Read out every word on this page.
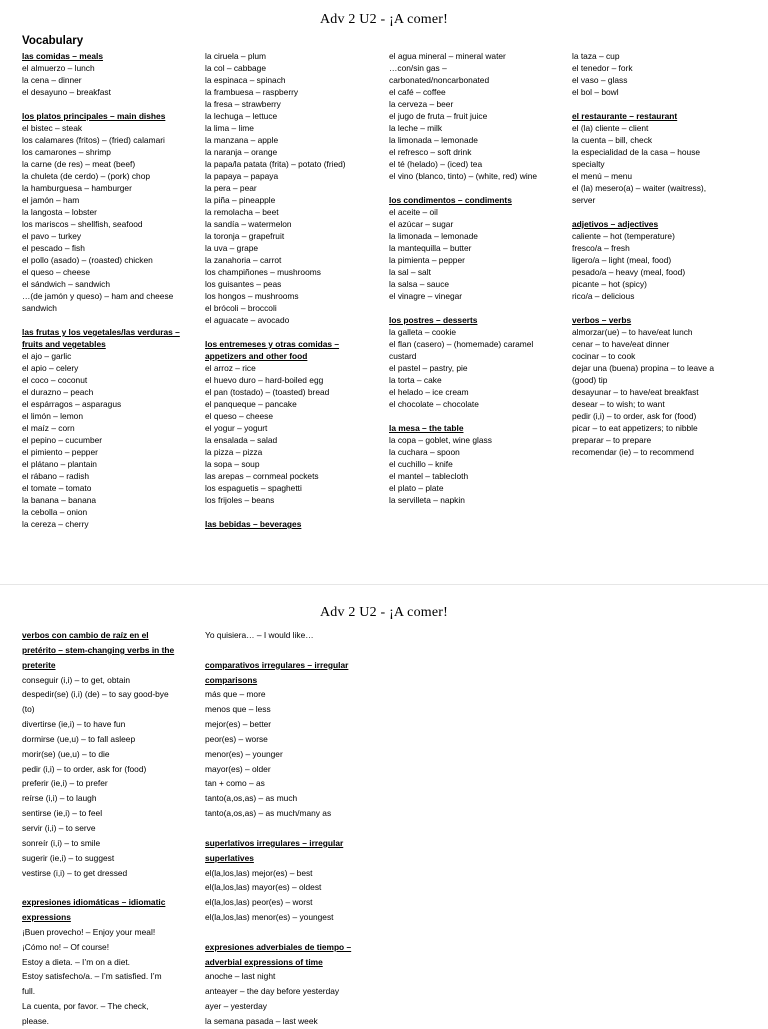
Adv 2 U2 - ¡A comer!
Vocabulary
las comidas – meals
el almuerzo – lunch
la cena – dinner
el desayuno – breakfast
los platos principales – main dishes
el bistec – steak
los calamares (fritos) – (fried) calamari
los camarones – shrimp
la carne (de res) – meat (beef)
la chuleta (de cerdo) – (pork) chop
la hamburguesa – hamburger
el jamón – ham
la langosta – lobster
los mariscos – shellfish, seafood
el pavo – turkey
el pescado – fish
el pollo (asado) – (roasted) chicken
el queso – cheese
el sándwich – sandwich
…(de jamón y queso) – ham and cheese
sandwich
las frutas y los vegetales/las verduras –
fruits and vegetables
el ajo – garlic
el apio – celery
el coco – coconut
el durazno – peach
el espárragos – asparagus
el limón – lemon
el maíz – corn
el pepino – cucumber
el pimiento – pepper
el plátano – plantain
el rábano – radish
el tomate – tomato
la banana – banana
la cebolla – onion
la cereza – cherry
la ciruela – plum
la col – cabbage
la espinaca – spinach
la frambuesa – raspberry
la fresa – strawberry
la lechuga – lettuce
la lima – lime
la manzana – apple
la naranja – orange
la papa/la patata (frita) – potato (fried)
la papaya – papaya
la pera – pear
la piña – pineapple
la remolacha – beet
la sandía – watermelon
la toronja – grapefruit
la uva – grape
la zanahoria – carrot
los champiñones – mushrooms
los guisantes – peas
los hongos – mushrooms
el brócoli – broccoli
el aguacate – avocado
los entremeses y otras comidas –
appetizers and other food
el arroz – rice
el huevo duro – hard-boiled egg
el pan (tostado) – (toasted) bread
el panqueque – pancake
el queso – cheese
el yogur – yogurt
la ensalada – salad
la pizza – pizza
la sopa – soup
las arepas – cornmeal pockets
los espaguetis – spaghetti
los frijoles – beans
las bebidas – beverages
el agua mineral – mineral water
…con/sin gas –
carbonated/noncarbonated
el café – coffee
la cerveza – beer
el jugo de fruta – fruit juice
la leche – milk
la limonada – lemonade
el refresco – soft drink
el té (helado) – (iced) tea
el vino (blanco, tinto) – (white, red) wine
los condimentos – condiments
el aceite – oil
el azúcar – sugar
la limonada – lemonade
la mantequilla – butter
la pimienta – pepper
la sal – salt
la salsa – sauce
el vinagre – vinegar
los postres – desserts
la galleta – cookie
el flan (casero) – (homemade) caramel
custard
el pastel – pastry, pie
la torta – cake
el helado – ice cream
el chocolate – chocolate
la mesa – the table
la copa – goblet, wine glass
la cuchara – spoon
el cuchillo – knife
el mantel – tablecloth
el plato – plate
la servilleta – napkin
la taza – cup
el tenedor – fork
el vaso – glass
el bol – bowl
el restaurante – restaurant
el (la) cliente – client
la cuenta – bill, check
la especialidad de la casa – house
specialty
el menú – menu
el (la) mesero(a) – waiter (waitress),
server
adjetivos – adjectives
caliente – hot (temperature)
fresco/a – fresh
ligero/a – light (meal, food)
pesado/a – heavy (meal, food)
picante – hot (spicy)
rico/a – delicious
verbos – verbs
almorzar(ue) – to have/eat lunch
cenar – to have/eat dinner
cocinar – to cook
dejar una (buena) propina – to leave a
(good) tip
desayunar – to have/eat breakfast
desear – to wish; to want
pedir (i,i) – to order, ask for (food)
picar – to eat appetizers; to nibble
preparar – to prepare
recomendar (ie) – to recommend
Adv 2 U2 - ¡A comer!
verbos con cambio de raíz en el
pretérito – stem-changing verbs in the
preterite
conseguir (i,i) – to get, obtain
despedir(se) (i,i) (de) – to say good-bye
(to)
divertirse (ie,i) – to have fun
dormirse (ue,u) – to fall asleep
morir(se) (ue,u) – to die
pedir (i,i) – to order, ask for (food)
preferir (ie,i) – to prefer
reírse (i,i) – to laugh
sentirse (ie,i) – to feel
servir (i,i) – to serve
sonreír (i,i) – to smile
sugerir (ie,i) – to suggest
vestirse (i,i) – to get dressed
expresiones idiomáticas – idiomatic
expressions
¡Buen provecho! – Enjoy your meal!
¡Cómo no! – Of course!
Estoy a dieta. – I’m on a diet.
Estoy satisfecho/a. – I’m satisfied. I’m
full.
La cuenta, por favor. – The check,
please.
Yo quisiera… – I would like…
comparativos irregulares – irregular
comparisons
más que – more
menos que – less
mejor(es) – better
peor(es) – worse
menor(es) – younger
mayor(es) – older
tan + como – as
tanto(a,os,as) – as much
tanto(a,os,as) – as much/many as
superlativos irregulares – irregular
superlatives
el(la,los,las) mejor(es) – best
el(la,los,las) mayor(es) – oldest
el(la,los,las) peor(es) – worst
el(la,los,las) menor(es) – youngest
expresiones adverbiales de tiempo –
adverbial expressions of time
anoche – last night
anteayer – the day before yesterday
ayer – yesterday
la semana pasada – last week
